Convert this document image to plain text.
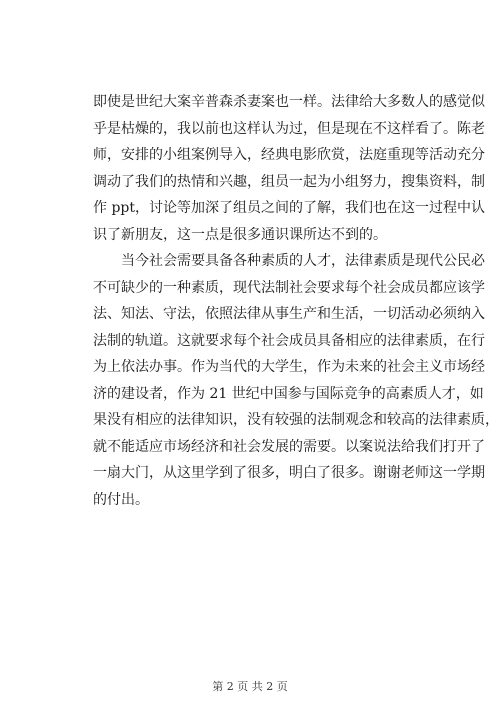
即使是世纪大案辛普森杀妻案也一样。法律给大多数人的感觉似
乎是枯燥的，我以前也这样认为过，但是现在不这样看了。陈老
师，安排的小组案例导入，经典电影欣赏，法庭重现等活动充分
调动了我们的热情和兴趣，组员一起为小组努力，搜集资料，制
作 ppt，讨论等加深了组员之间的了解，我们也在这一过程中认
识了新朋友，这一点是很多通识课所达不到的。
当今社会需要具备各种素质的人才，法律素质是现代公民必
不可缺少的一种素质，现代法制社会要求每个社会成员都应该学
法、知法、守法，依照法律从事生产和生活，一切活动必须纳入
法制的轨道。这就要求每个社会成员具备相应的法律素质，在行
为上依法办事。作为当代的大学生，作为未来的社会主义市场经
济的建设者，作为 21 世纪中国参与国际竞争的高素质人才，如
果没有相应的法律知识，没有较强的法制观念和较高的法律素质，
就不能适应市场经济和社会发展的需要。以案说法给我们打开了
一扇大门，从这里学到了很多，明白了很多。谢谢老师这一学期
的付出。
第 2 页 共 2 页
